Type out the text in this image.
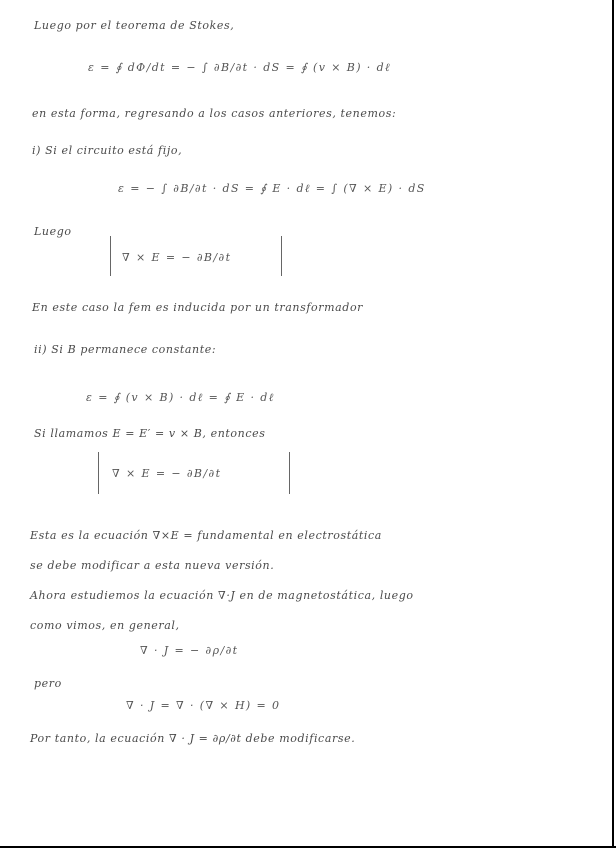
Luego por el teorema de Stokes,
ε = ∮ dΦ/dt = − ∫ ∂B/∂t · dS = ∮ (v × B) · dℓ
en esta forma, regresando a los casos anteriores, tenemos:
i) Si el circuito está fijo,
ε = − ∫ ∂B/∂t · dS = ∮ E · dℓ = ∫ (∇ × E) · dS
Luego
∇ × E = − ∂B/∂t
En este caso la fem es inducida por un transformador
ii) Si B permanece constante:
ε = ∮ (v × B) · dℓ = ∮ E · dℓ
Si llamamos E = E′ = v × B, entonces
∇ × E = − ∂B/∂t
Esta es la ecuación ∇×E = fundamental en electrostática
se debe modificar a esta nueva versión.
Ahora estudiemos la ecuación ∇·J en de magnetostática, luego
como vimos, en general,
∇ · J = − ∂ρ/∂t
pero
∇ · J = ∇ · (∇ × H) = 0
Por tanto, la ecuación ∇ · J = ∂ρ/∂t debe modificarse.
